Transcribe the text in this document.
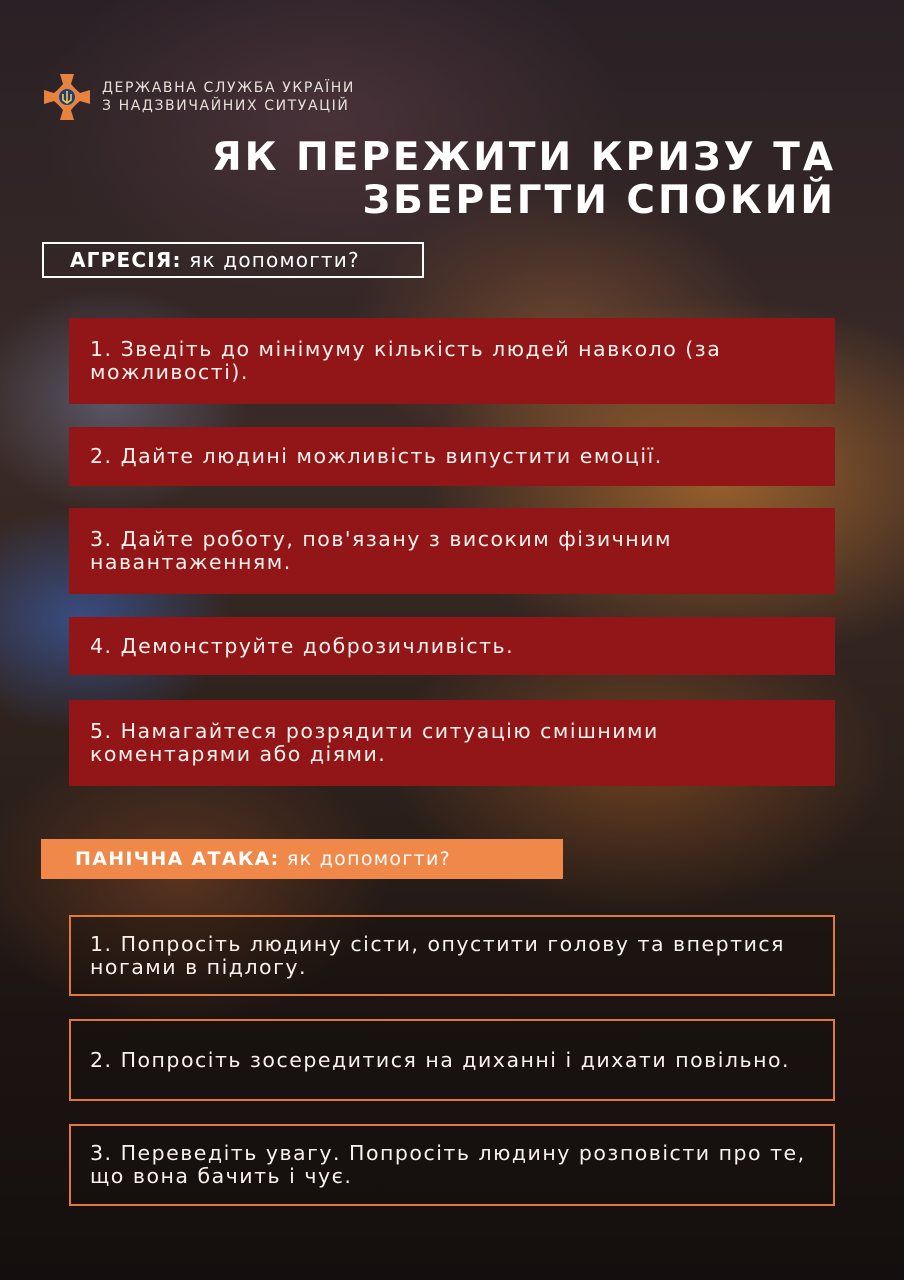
ДЕРЖАВНА СЛУЖБА УКРАЇНИ
З НАДЗВИЧАЙНИХ СИТУАЦІЙ
ЯК ПЕРЕЖИТИ КРИЗУ ТА
ЗБЕРЕГТИ СПОКИЙ
АГРЕСІЯ: як допомогти?
1. Зведіть до мінімуму кількість людей навколо (за можливості).
2. Дайте людині можливість випустити емоції.
3. Дайте роботу, пов'язану з високим фізичним навантаженням.
4. Демонструйте доброзичливість.
5. Намагайтеся розрядити ситуацію смішними коментарями або діями.
ПАНІЧНА АТАКА: як допомогти?
1. Попросіть людину сісти, опустити голову та впертися ногами в підлогу.
2. Попросіть зосередитися на диханні і дихати повільно.
3. Переведіть увагу. Попросіть людину розповісти про те, що вона бачить і чує.
